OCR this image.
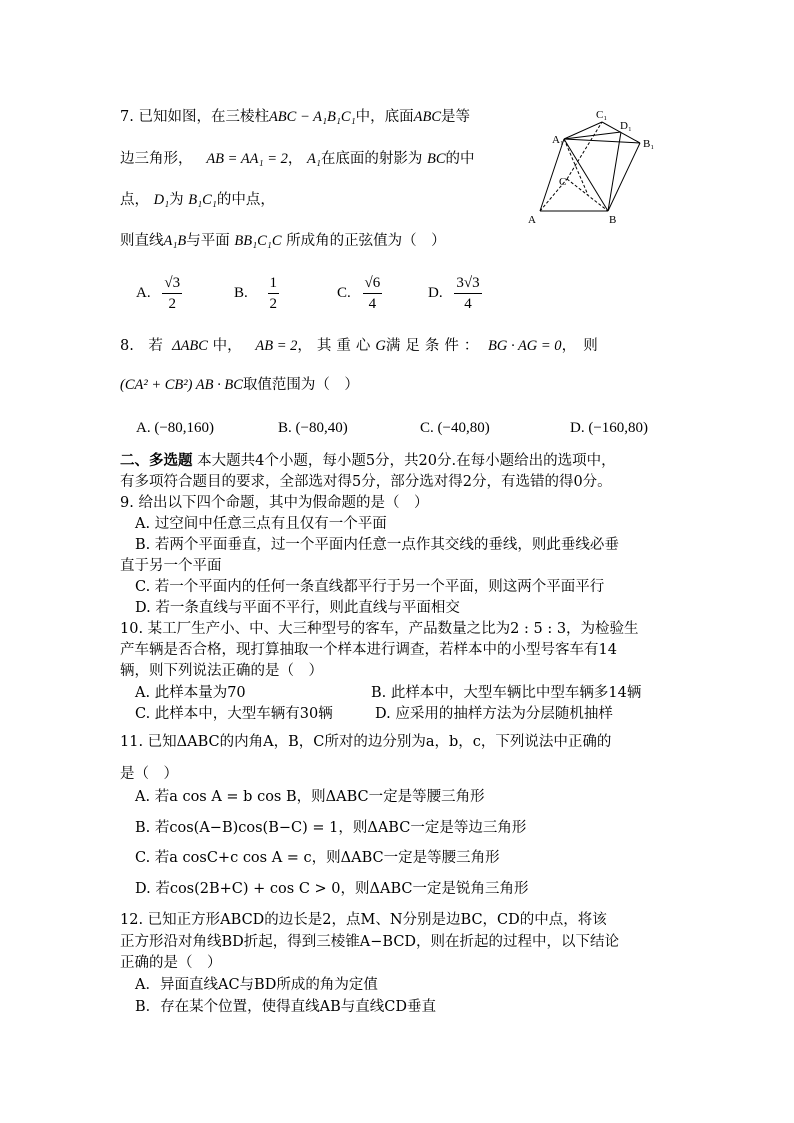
7. 已知如图，在三棱柱ABC − A₁B₁C₁中，底面ABC是等
边三角形， AB = AA₁ = 2， A₁在底面的射影为 BC的中
点， D₁为 B₁C₁的中点，
则直线A₁B与平面 BB₁C₁C 所成角的正弦值为（　）
C₁
D₁
A₁	B₁
C
A	B
A. $\frac{√3}{2}$	B. $\frac{1}{2}$	C. $\frac{√6}{4}$	D. $\frac{3√3}{4}$
8.　若 ΔABC 中， AB = 2，其重心G满足条件： BG · AG = 0，　则
(CA² + CB²) AB · BC取值范围为（　）
A. (−80,160)	B. (−80,40)	C. (−40,80)	D. (−160,80)
二、多选题 本大题共4个小题，每小题5分，共20分.在每小题给出的选项中，
有多项符合题目的要求，全部选对得5分，部分选对得2分，有选错的得0分。
9. 给出以下四个命题，其中为假命题的是（　）
A. 过空间中任意三点有且仅有一个平面
B. 若两个平面垂直，过一个平面内任意一点作其交线的垂线，则此垂线必垂
直于另一个平面
C. 若一个平面内的任何一条直线都平行于另一个平面，则这两个平面平行
D. 若一条直线与平面不平行，则此直线与平面相交
10. 某工厂生产小、中、大三种型号的客车，产品数量之比为2 : 5 : 3，为检验生
产车辆是否合格，现打算抽取一个样本进行调查，若样本中的小型号客车有14
辆，则下列说法正确的是（　）
A. 此样本量为70	B. 此样本中，大型车辆比中型车辆多14辆
C. 此样本中，大型车辆有30辆	D. 应采用的抽样方法为分层随机抽样
11. 已知ΔABC的内角A，B，C所对的边分别为a，b，c，下列说法中正确的
是（　）
A. 若a cos A = b cos B，则ΔABC一定是等腰三角形
B. 若cos(A−B)cos(B−C) = 1，则ΔABC一定是等边三角形
C. 若a cosC+c cos A = c，则ΔABC一定是等腰三角形
D. 若cos(2B+C) + cos C > 0，则ΔABC一定是锐角三角形
12. 已知正方形ABCD的边长是2，点M、N分别是边BC，CD的中点，将该
正方形沿对角线BD折起，得到三棱锥A−BCD，则在折起的过程中，以下结论
正确的是（　）
A．异面直线AC与BD所成的角为定值
B．存在某个位置，使得直线AB与直线CD垂直
